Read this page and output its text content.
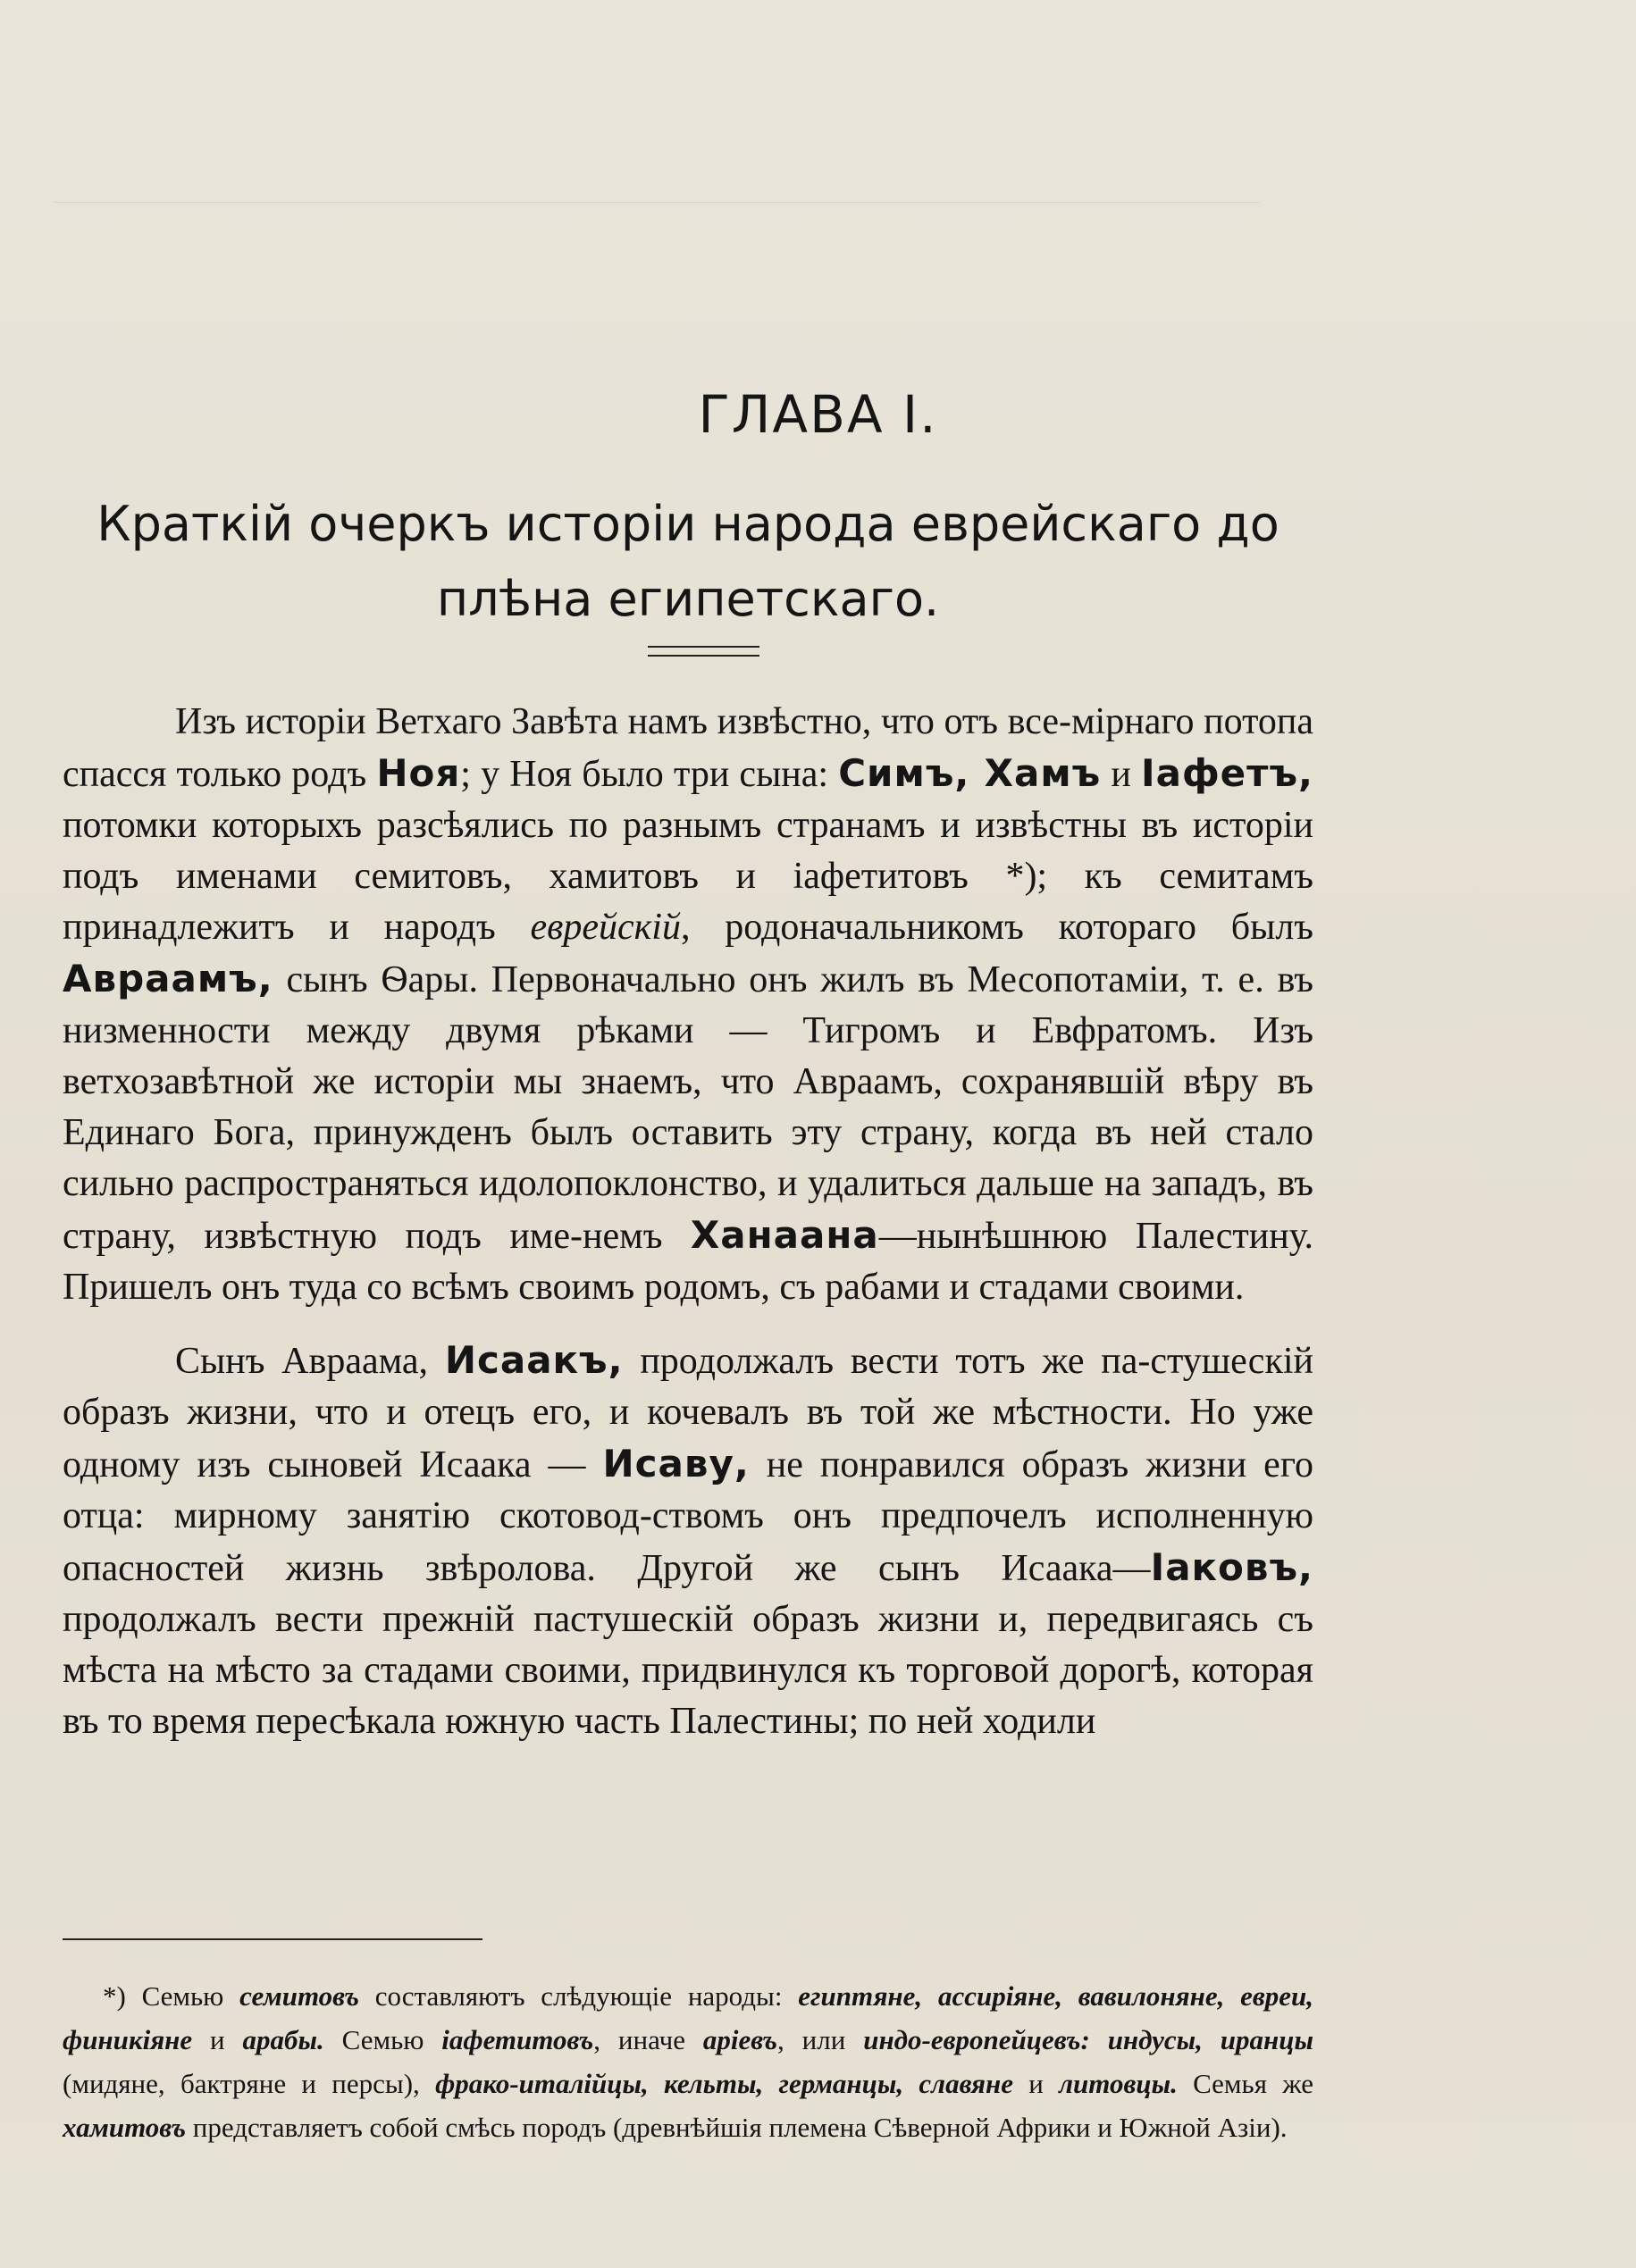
ГЛАВА I.
Краткій очеркъ исторіи народа еврейскаго до
плѣна египетскаго.

Изъ исторіи Ветхаго Завѣта намъ извѣстно, что отъ все-мірнаго потопа спасся только родъ Ноя; у Ноя было три сына: Симъ, Хамъ и Іафетъ, потомки которыхъ разсѣялись по разнымъ странамъ и извѣстны въ исторіи подъ именами семитовъ, хамитовъ и іафетитовъ *); къ семитамъ принадлежитъ и народъ еврейскій, родоначальникомъ котораго былъ Авраамъ, сынъ Ѳары. Первоначально онъ жилъ въ Месопотаміи, т. е. въ низменности между двумя рѣками — Тигромъ и Евфратомъ. Изъ ветхозавѣтной же исторіи мы знаемъ, что Авраамъ, сохранявшій вѣру въ Единаго Бога, принужденъ былъ оставить эту страну, когда въ ней стало сильно распространяться идолопоклонство, и удалиться дальше на западъ, въ страну, извѣстную подъ име-немъ Ханаана—нынѣшнюю Палестину. Пришелъ онъ туда со всѣмъ своимъ родомъ, съ рабами и стадами своими.

Сынъ Авраама, Исаакъ, продолжалъ вести тотъ же па-стушескій образъ жизни, что и отецъ его, и кочевалъ въ той же мѣстности. Но уже одному изъ сыновей Исаака — Исаву, не понравился образъ жизни его отца: мирному занятію скотовод-ствомъ онъ предпочелъ исполненную опасностей жизнь звѣролова. Другой же сынъ Исаака—Іаковъ, продолжалъ вести прежній пастушескій образъ жизни и, передвигаясь съ мѣста на мѣсто за стадами своими, придвинулся къ торговой дорогѣ, которая въ то время пересѣкала южную часть Палестины; по ней ходили

*) Семью семитовъ составляютъ слѣдующіе народы: египтяне, ассиріяне, вавилоняне, евреи, финикіяне и арабы. Семью іафетитовъ, иначе аріевъ, или индо-европейцевъ: индусы, иранцы (мидяне, бактряне и персы), фрако-италійцы, кельты, германцы, славяне и литовцы. Семья же хамитовъ представляетъ собой смѣсь породъ (древнѣйшія племена Сѣверной Африки и Южной Азіи).
